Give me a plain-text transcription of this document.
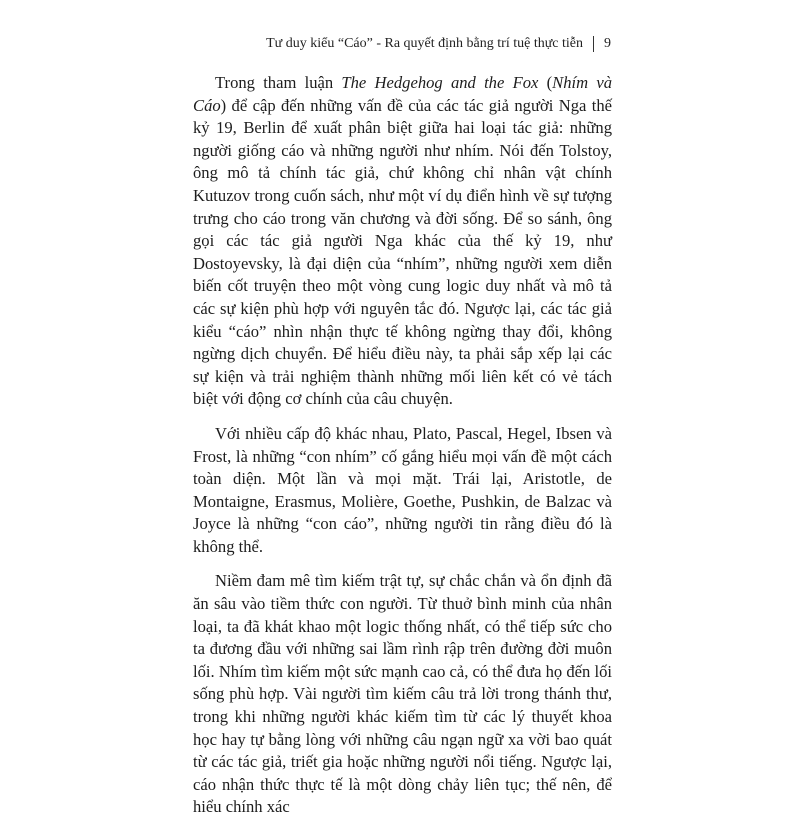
Tư duy kiểu “Cáo” - Ra quyết định bằng trí tuệ thực tiễn 9

Trong tham luận The Hedgehog and the Fox (Nhím và Cáo) để cập đến những vấn đề của các tác giả người Nga thế kỷ 19, Berlin để xuất phân biệt giữa hai loại tác giả: những người giống cáo và những người như nhím. Nói đến Tolstoy, ông mô tả chính tác giả, chứ không chỉ nhân vật chính Kutuzov trong cuốn sách, như một ví dụ điển hình về sự tượng trưng cho cáo trong văn chương và đời sống. Để so sánh, ông gọi các tác giả người Nga khác của thế kỷ 19, như Dostoyevsky, là đại diện của “nhím”, những người xem diễn biến cốt truyện theo một vòng cung logic duy nhất và mô tả các sự kiện phù hợp với nguyên tắc đó. Ngược lại, các tác giả kiểu “cáo” nhìn nhận thực tế không ngừng thay đổi, không ngừng dịch chuyển. Để hiểu điều này, ta phải sắp xếp lại các sự kiện và trải nghiệm thành những mối liên kết có vẻ tách biệt với động cơ chính của câu chuyện.

Với nhiều cấp độ khác nhau, Plato, Pascal, Hegel, Ibsen và Frost, là những “con nhím” cố gắng hiểu mọi vấn đề một cách toàn diện. Một lần và mọi mặt. Trái lại, Aristotle, de Montaigne, Erasmus, Molière, Goethe, Pushkin, de Balzac và Joyce là những “con cáo”, những người tin rằng điều đó là không thể.

Niềm đam mê tìm kiếm trật tự, sự chắc chắn và ổn định đã ăn sâu vào tiềm thức con người. Từ thuở bình minh của nhân loại, ta đã khát khao một logic thống nhất, có thể tiếp sức cho ta đương đầu với những sai lầm rình rập trên đường đời muôn lối. Nhím tìm kiếm một sức mạnh cao cả, có thể đưa họ đến lối sống phù hợp. Vài người tìm kiếm câu trả lời trong thánh thư, trong khi những người khác kiếm tìm từ các lý thuyết khoa học hay tự bằng lòng với những câu ngạn ngữ xa vời bao quát từ các tác giả, triết gia hoặc những người nổi tiếng. Ngược lại, cáo nhận thức thực tế là một dòng chảy liên tục; thế nên, để hiểu chính xác
